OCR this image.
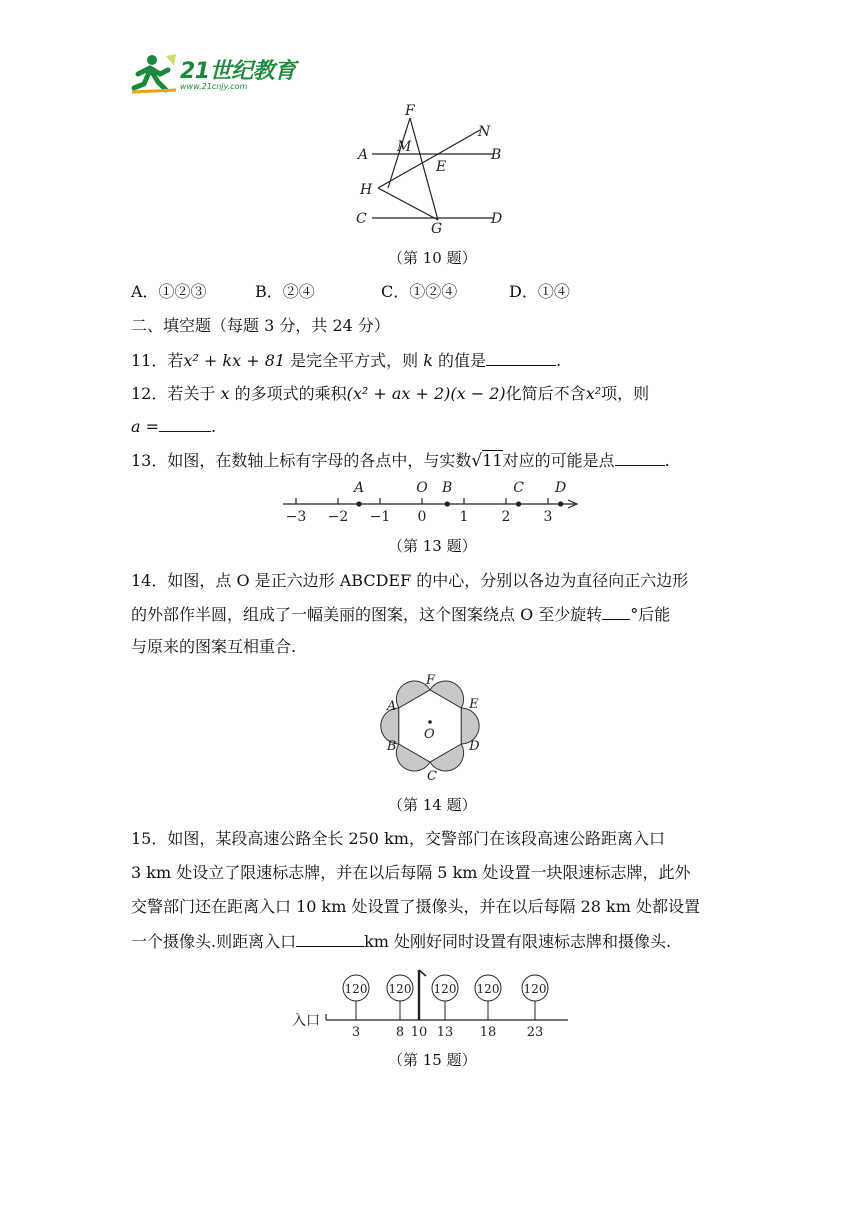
21世纪教育
www.21cnjy.com
F
N
A M	B
E
H
C	D
G
（第 10 题）
A．①②③	B．②④	C．①②④	D．①④
二、填空题（每题 3 分，共 24 分）
11．若x² + kx + 81 是完全平方式，则 k 的值是	.
12．若关于 x 的多项式的乘积(x² + ax + 2)(x − 2)化简后不含x²项，则
a =	.
13．如图，在数轴上标有字母的各点中，与实数√11对应的可能是点	.
−3 −2 −1 0 1 2 3
A	O B	C D
（第 13 题）
14．如图，点 O 是正六边形 ABCDEF 的中心，分别以各边为直径向正六边形
的外部作半圆，组成了一幅美丽的图案，这个图案绕点 O 至少旋转 °后能
与原来的图案互相重合.
A
B
C
D
E
F
O
（第 14 题）
15．如图，某段高速公路全长 250 km，交警部门在该段高速公路距离入口
3 km 处设立了限速标志牌，并在以后每隔 5 km 处设置一块限速标志牌，此外
交警部门还在距离入口 10 km 处设置了摄像头，并在以后每隔 28 km 处都设置
一个摄像头.则距离入口	km 处刚好同时设置有限速标志牌和摄像头.
入口
120 120 120 120 120
3	8 10 13 18 23
（第 15 题）
